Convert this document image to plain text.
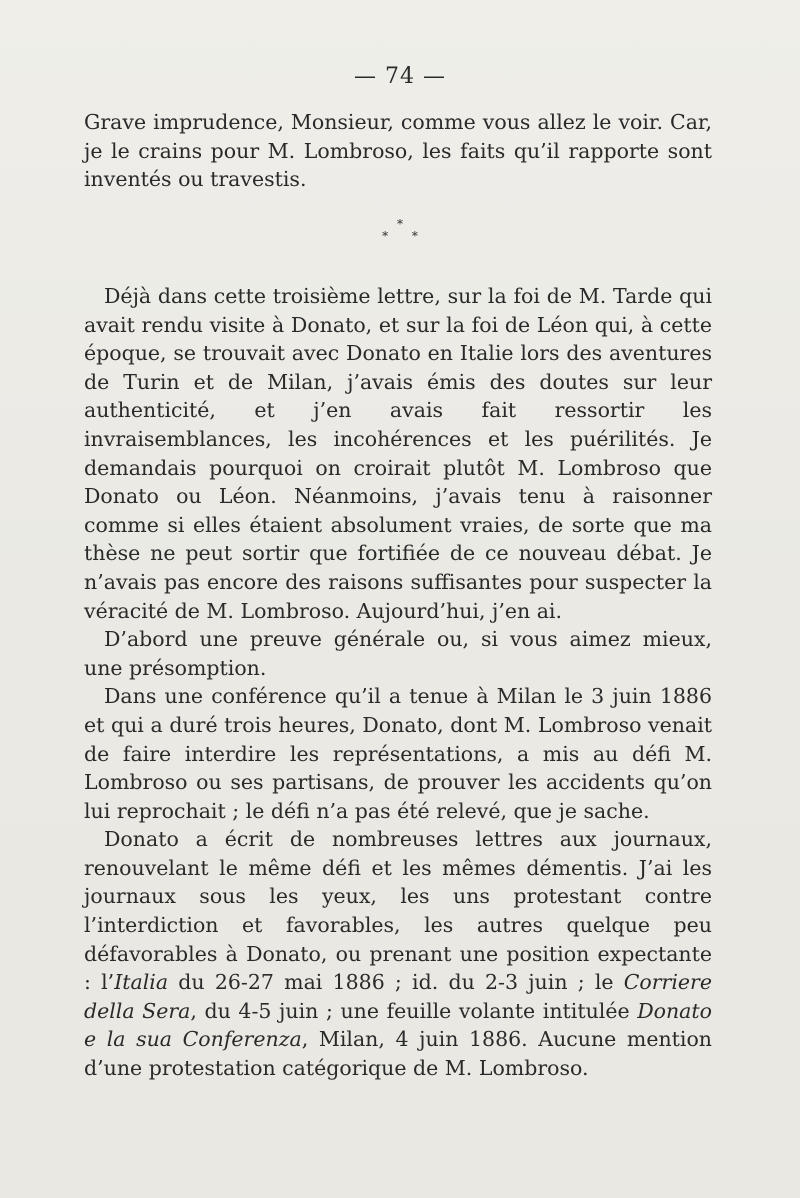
— 74 —

Grave imprudence, Monsieur, comme vous allez le voir. Car, je le crains pour M. Lombroso, les faits qu’il rapporte sont inventés ou travestis.

*
* *

Déjà dans cette troisième lettre, sur la foi de M. Tarde qui avait rendu visite à Donato, et sur la foi de Léon qui, à cette époque, se trouvait avec Donato en Italie lors des aventures de Turin et de Milan, j’avais émis des doutes sur leur authenticité, et j’en avais fait ressortir les invraisemblances, les incohérences et les puérilités. Je demandais pourquoi on croirait plutôt M. Lombroso que Donato ou Léon. Néanmoins, j’avais tenu à raisonner comme si elles étaient absolument vraies, de sorte que ma thèse ne peut sortir que fortifiée de ce nouveau débat. Je n’avais pas encore des raisons suffisantes pour suspecter la véracité de M. Lombroso. Aujourd’hui, j’en ai.

D’abord une preuve générale ou, si vous aimez mieux, une présomption.

Dans une conférence qu’il a tenue à Milan le 3 juin 1886 et qui a duré trois heures, Donato, dont M. Lombroso venait de faire interdire les représentations, a mis au défi M. Lombroso ou ses partisans, de prouver les accidents qu’on lui reprochait ; le défi n’a pas été relevé, que je sache.

Donato a écrit de nombreuses lettres aux journaux, renouvelant le même défi et les mêmes démentis. J’ai les journaux sous les yeux, les uns protestant contre l’interdiction et favorables, les autres quelque peu défavorables à Donato, ou prenant une position expectante : l’Italia du 26-27 mai 1886 ; id. du 2-3 juin ; le Corriere della Sera, du 4-5 juin ; une feuille volante intitulée Donato e la sua Conferenza, Milan, 4 juin 1886. Aucune mention d’une protestation catégorique de M. Lombroso.
